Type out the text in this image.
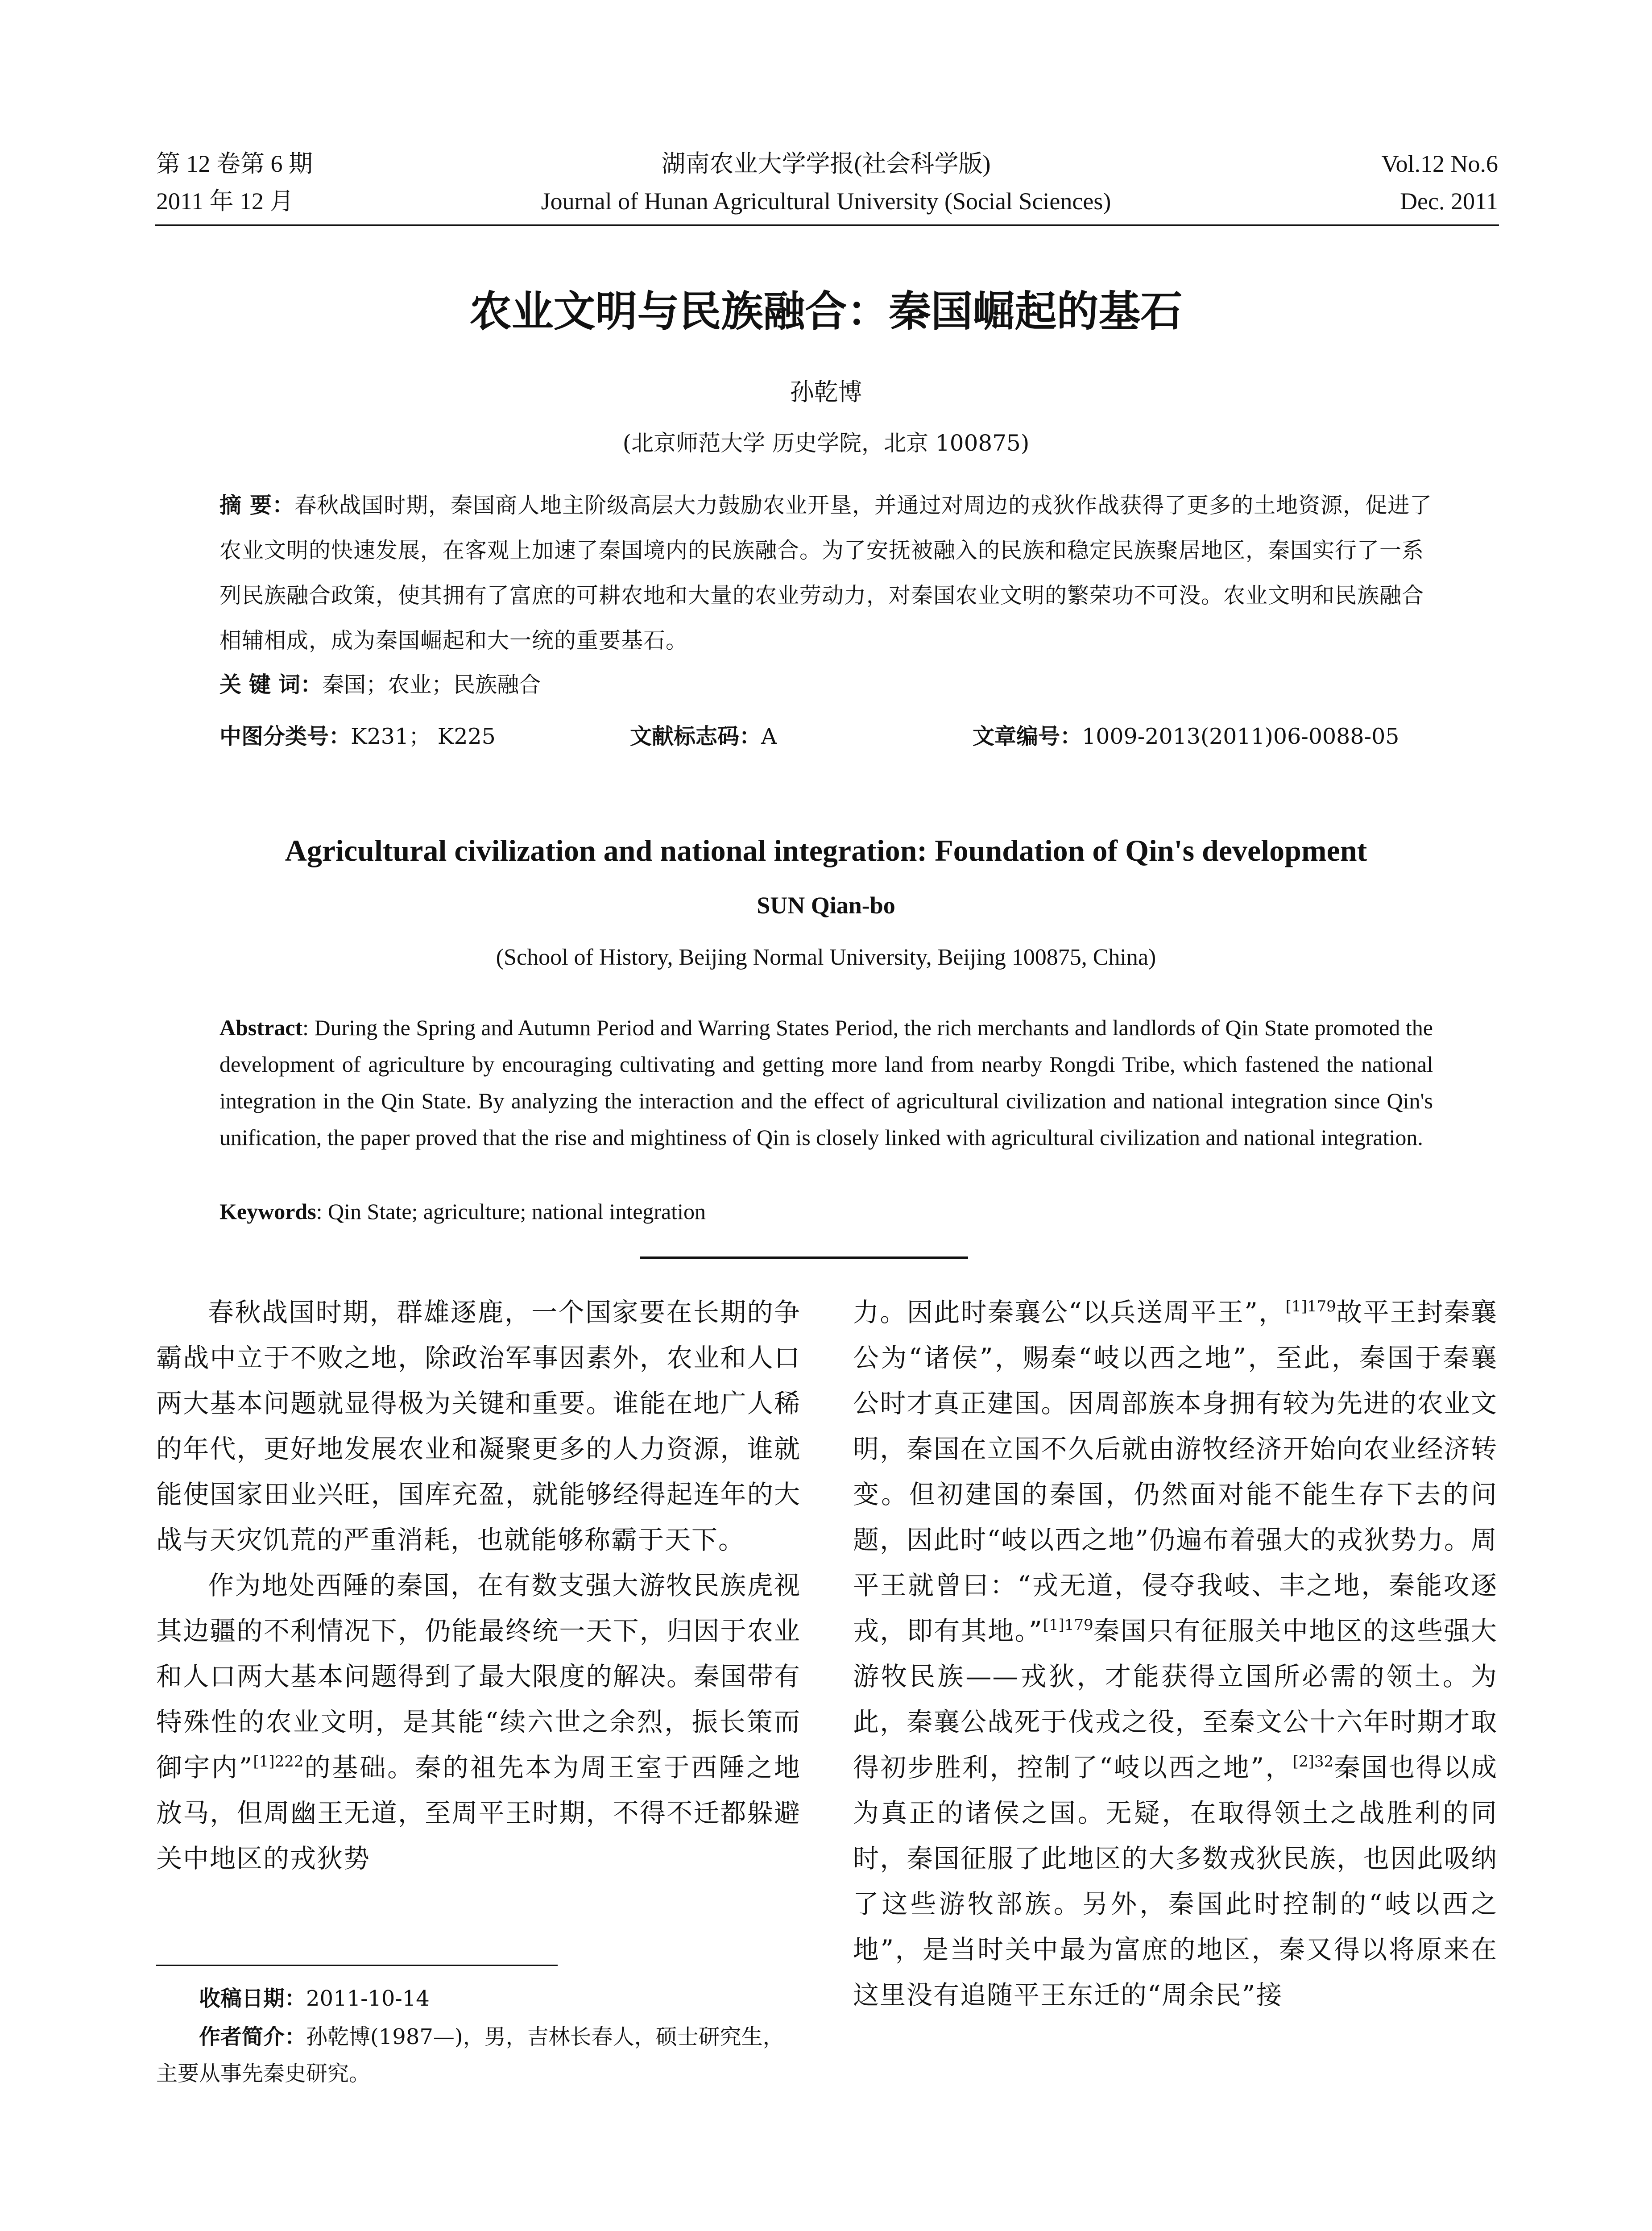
第 12 卷第 6 期
2011 年 12 月
湖南农业大学学报(社会科学版)
Journal of Hunan Agricultural University (Social Sciences)
Vol.12 No.6
Dec. 2011
农业文明与民族融合：秦国崛起的基石
孙乾博
(北京师范大学 历史学院，北京 100875)
摘 要：春秋战国时期，秦国商人地主阶级高层大力鼓励农业开垦，并通过对周边的戎狄作战获得了更多的土地资源，促进了农业文明的快速发展，在客观上加速了秦国境内的民族融合。为了安抚被融入的民族和稳定民族聚居地区，秦国实行了一系列民族融合政策，使其拥有了富庶的可耕农地和大量的农业劳动力，对秦国农业文明的繁荣功不可没。农业文明和民族融合相辅相成，成为秦国崛起和大一统的重要基石。
关 键 词：秦国；农业；民族融合
中图分类号：K231； K225	文献标志码：A	文章编号：1009-2013(2011)06-0088-05
Agricultural civilization and national integration: Foundation of Qin's development
SUN Qian-bo
(School of History, Beijing Normal University, Beijing 100875, China)
Abstract: During the Spring and Autumn Period and Warring States Period, the rich merchants and landlords of Qin State promoted the development of agriculture by encouraging cultivating and getting more land from nearby Rongdi Tribe, which fastened the national integration in the Qin State. By analyzing the interaction and the effect of agricultural civilization and national integration since Qin's unification, the paper proved that the rise and mightiness of Qin is closely linked with agricultural civilization and national integration.
Keywords: Qin State; agriculture; national integration

春秋战国时期，群雄逐鹿，一个国家要在长期的争霸战中立于不败之地，除政治军事因素外，农业和人口两大基本问题就显得极为关键和重要。谁能在地广人稀的年代，更好地发展农业和凝聚更多的人力资源，谁就能使国家田业兴旺，国库充盈，就能够经得起连年的大战与天灾饥荒的严重消耗，也就能够称霸于天下。

作为地处西陲的秦国，在有数支强大游牧民族虎视其边疆的不利情况下，仍能最终统一天下，归因于农业和人口两大基本问题得到了最大限度的解决。秦国带有特殊性的农业文明，是其能“续六世之余烈，振长策而御宇内”$^{[1]222}$的基础。秦的祖先本为周王室于西陲之地放马，但周幽王无道，至周平王时期，不得不迁都躲避关中地区的戎狄势

力。因此时秦襄公“以兵送周平王”，$^{[1]179}$故平王封秦襄公为“诸侯”，赐秦“岐以西之地”，至此，秦国于秦襄公时才真正建国。因周部族本身拥有较为先进的农业文明，秦国在立国不久后就由游牧经济开始向农业经济转变。但初建国的秦国，仍然面对能不能生存下去的问题，因此时“岐以西之地”仍遍布着强大的戎狄势力。周平王就曾曰：“戎无道，侵夺我岐、丰之地，秦能攻逐戎，即有其地。”$^{[1]179}$秦国只有征服关中地区的这些强大游牧民族——戎狄，才能获得立国所必需的领土。为此，秦襄公战死于伐戎之役，至秦文公十六年时期才取得初步胜利，控制了“岐以西之地”，$^{[2]32}$秦国也得以成为真正的诸侯之国。无疑，在取得领土之战胜利的同时，秦国征服了此地区的大多数戎狄民族，也因此吸纳了这些游牧部族。另外，秦国此时控制的“岐以西之地”，是当时关中最为富庶的地区，秦又得以将原来在这里没有追随平王东迁的“周余民”接

收稿日期：2011-10-14
作者简介：孙乾博(1987—)，男，吉林长春人，硕士研究生，主要从事先秦史研究。
